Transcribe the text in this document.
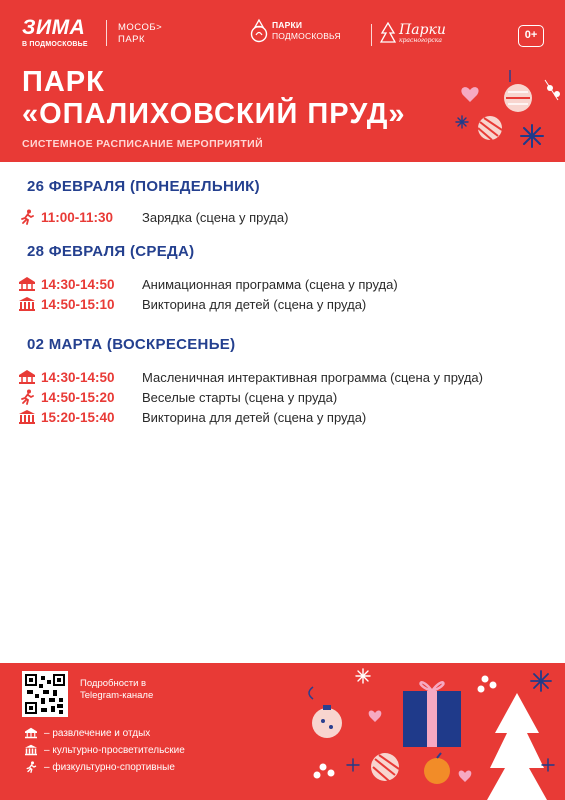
ЗИМА
В ПОДМОСКОВЬЕ
МОСОБ>
ПАРК
ПАРКИ
ПОДМОСКОВЬЯ	Парки
красногорска	0+
ПАРК
«ОПАЛИХОВСКИЙ ПРУД»
СИСТЕМНОЕ РАСПИСАНИЕ МЕРОПРИЯТИЙ
26 ФЕВРАЛЯ (ПОНЕДЕЛЬНИК)
11:00-11:30	Зарядка (сцена у пруда)
28 ФЕВРАЛЯ (СРЕДА)
14:30-14:50	Анимационная программа (сцена у пруда)
14:50-15:10	Викторина для детей (сцена у пруда)
02 МАРТА (ВОСКРЕСЕНЬЕ)
14:30-14:50	Масленичная интерактивная программа (сцена у пруда)
14:50-15:20	Веселые старты (сцена у пруда)
15:20-15:40	Викторина для детей (сцена у пруда)
Подробности в
Telegram-канале
– развлечение и отдых
– культурно-просветительские
– физкультурно-спортивные
